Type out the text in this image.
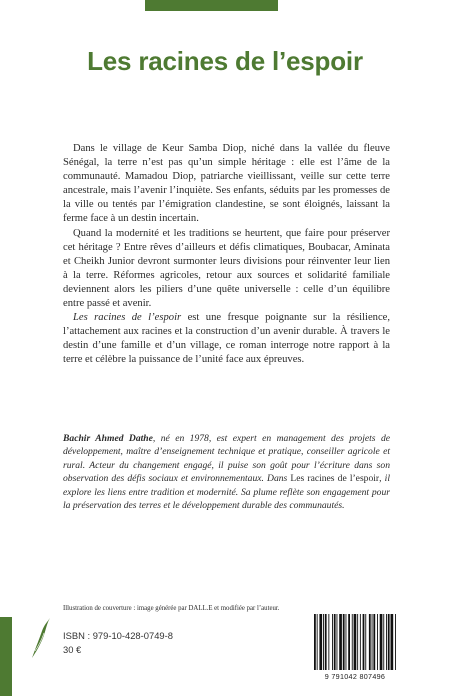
Les racines de l’espoir

Dans le village de Keur Samba Diop, niché dans la vallée du fleuve Sénégal, la terre n’est pas qu’un simple héritage : elle est l’âme de la communauté. Mamadou Diop, patriarche vieillissant, veille sur cette terre ancestrale, mais l’avenir l’inquiète. Ses enfants, séduits par les promesses de la ville ou tentés par l’émigration clandestine, se sont éloignés, laissant la ferme face à un destin incertain.

Quand la modernité et les traditions se heurtent, que faire pour préserver cet héritage ? Entre rêves d’ailleurs et défis climatiques, Boubacar, Aminata et Cheikh Junior devront surmonter leurs divisions pour réinventer leur lien à la terre. Réformes agricoles, retour aux sources et solidarité familiale deviennent alors les piliers d’une quête universelle : celle d’un équilibre entre passé et avenir.

Les racines de l’espoir est une fresque poignante sur la résilience, l’attachement aux racines et la construction d’un avenir durable. À travers le destin d’une famille et d’un village, ce roman interroge notre rapport à la terre et célèbre la puissance de l’unité face aux épreuves.

Bachir Ahmed Dathe, né en 1978, est expert en management des projets de développement, maître d’enseignement technique et pratique, conseiller agricole et rural. Acteur du changement engagé, il puise son goût pour l’écriture dans son observation des défis sociaux et environnementaux. Dans Les racines de l’espoir, il explore les liens entre tradition et modernité. Sa plume reflète son engagement pour la préservation des terres et le développement durable des communautés.

Illustration de couverture : image générée par DALL.E et modifiée par l’auteur.

ISBN : 979-10-428-0749-8
30 €
9 791042 807496
